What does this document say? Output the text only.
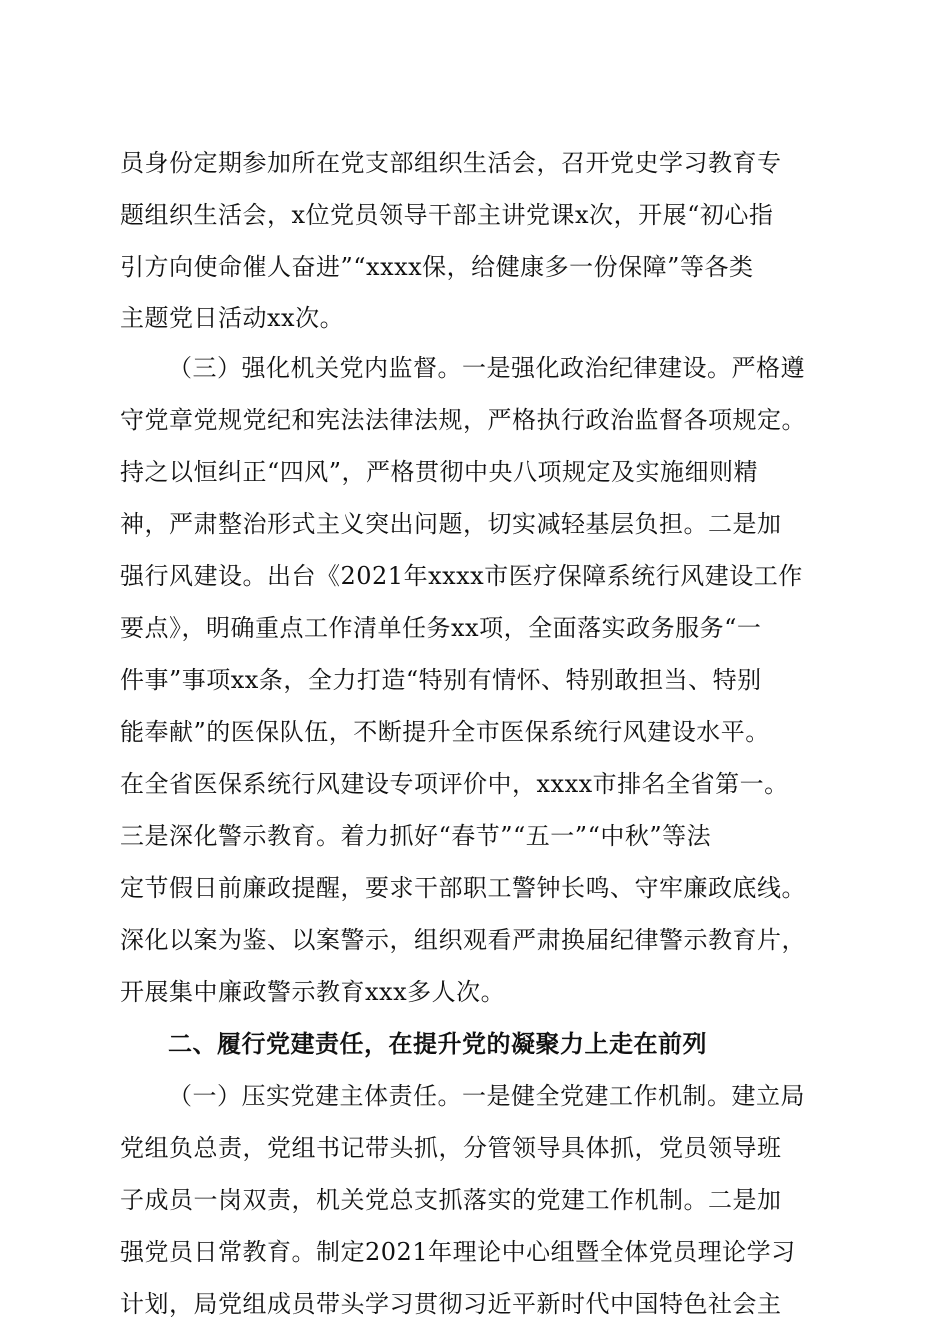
员身份定期参加所在党支部组织生活会，召开党史学习教育专
题组织生活会，x位党员领导干部主讲党课x次，开展“初心指
引方向使命催人奋进”“xxxx保，给健康多一份保障”等各类
主题党日活动xx次。
（三）强化机关党内监督。一是强化政治纪律建设。严格遵
守党章党规党纪和宪法法律法规，严格执行政治监督各项规定。
持之以恒纠正“四风”，严格贯彻中央八项规定及实施细则精
神，严肃整治形式主义突出问题，切实减轻基层负担。二是加
强行风建设。出台《2021年xxxx市医疗保障系统行风建设工作
要点》，明确重点工作清单任务xx项，全面落实政务服务“一
件事”事项xx条，全力打造“特别有情怀、特别敢担当、特别
能奉献”的医保队伍，不断提升全市医保系统行风建设水平。
在全省医保系统行风建设专项评价中，xxxx市排名全省第一。
三是深化警示教育。着力抓好“春节”“五一”“中秋”等法
定节假日前廉政提醒，要求干部职工警钟长鸣、守牢廉政底线。
深化以案为鉴、以案警示，组织观看严肃换届纪律警示教育片，
开展集中廉政警示教育xxx多人次。
二、履行党建责任，在提升党的凝聚力上走在前列
（一）压实党建主体责任。一是健全党建工作机制。建立局
党组负总责，党组书记带头抓，分管领导具体抓，党员领导班
子成员一岗双责，机关党总支抓落实的党建工作机制。二是加
强党员日常教育。制定2021年理论中心组暨全体党员理论学习
计划，局党组成员带头学习贯彻习近平新时代中国特色社会主
